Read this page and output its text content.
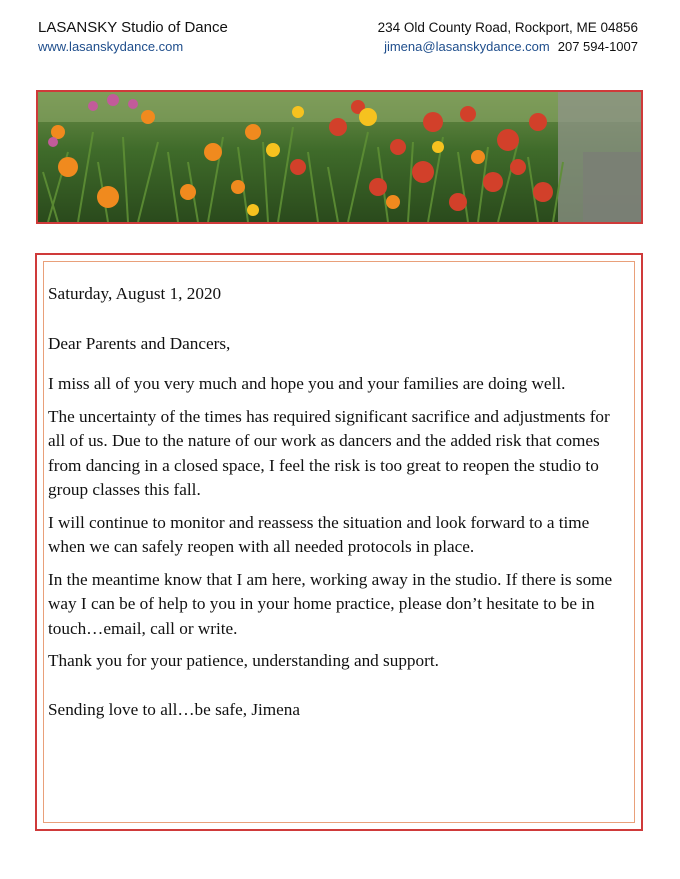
LASANSKY Studio of Dance
www.lasanskydance.com
234 Old County Road, Rockport, ME 04856
jimena@lasanskydance.com 207 594-1007

Saturday, August 1, 2020

Dear Parents and Dancers,

I miss all of you very much and hope you and your families are doing well.

The uncertainty of the times has required significant sacrifice and adjustments for all of us. Due to the nature of our work as dancers and the added risk that comes from dancing in a closed space, I feel the risk is too great to reopen the studio to group classes this fall.

I will continue to monitor and reassess the situation and look forward to a time when we can safely reopen with all needed protocols in place.

In the meantime know that I am here, working away in the studio. If there is some way I can be of help to you in your home practice, please don’t hesitate to be in touch…email, call or write.

Thank you for your patience, understanding and support.

Sending love to all…be safe, Jimena
